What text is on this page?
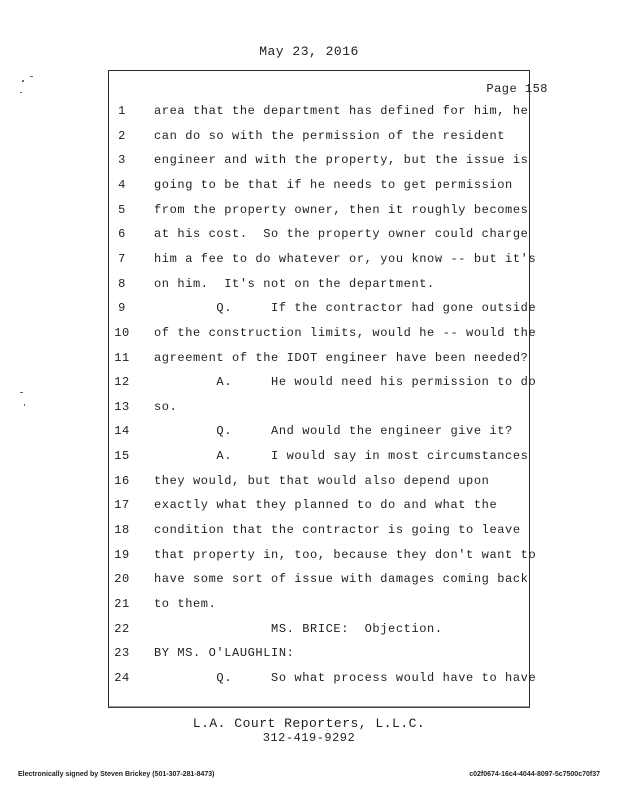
May 23, 2016
Page 158
1	area that the department has defined for him, he
2	can do so with the permission of the resident
3	engineer and with the property, but the issue is
4	going to be that if he needs to get permission
5	from the property owner, then it roughly becomes
6	at his cost.  So the property owner could charge
7	him a fee to do whatever or, you know -- but it's
8	on him.  It's not on the department.
9	Q.     If the contractor had gone outside
10	of the construction limits, would he -- would the
11	agreement of the IDOT engineer have been needed?
12	A.     He would need his permission to do
13	so.
14	Q.     And would the engineer give it?
15	A.     I would say in most circumstances
16	they would, but that would also depend upon
17	exactly what they planned to do and what the
18	condition that the contractor is going to leave
19	that property in, too, because they don't want to
20	have some sort of issue with damages coming back
21	to them.
22	MS. BRICE:  Objection.
23	BY MS. O'LAUGHLIN:
24	Q.     So what process would have to have
L.A. Court Reporters, L.L.C.
312-419-9292
Electronically signed by Steven Brickey (501-307-281-8473)	c02f0674-16c4-4044-8097-5c7500c70f37
